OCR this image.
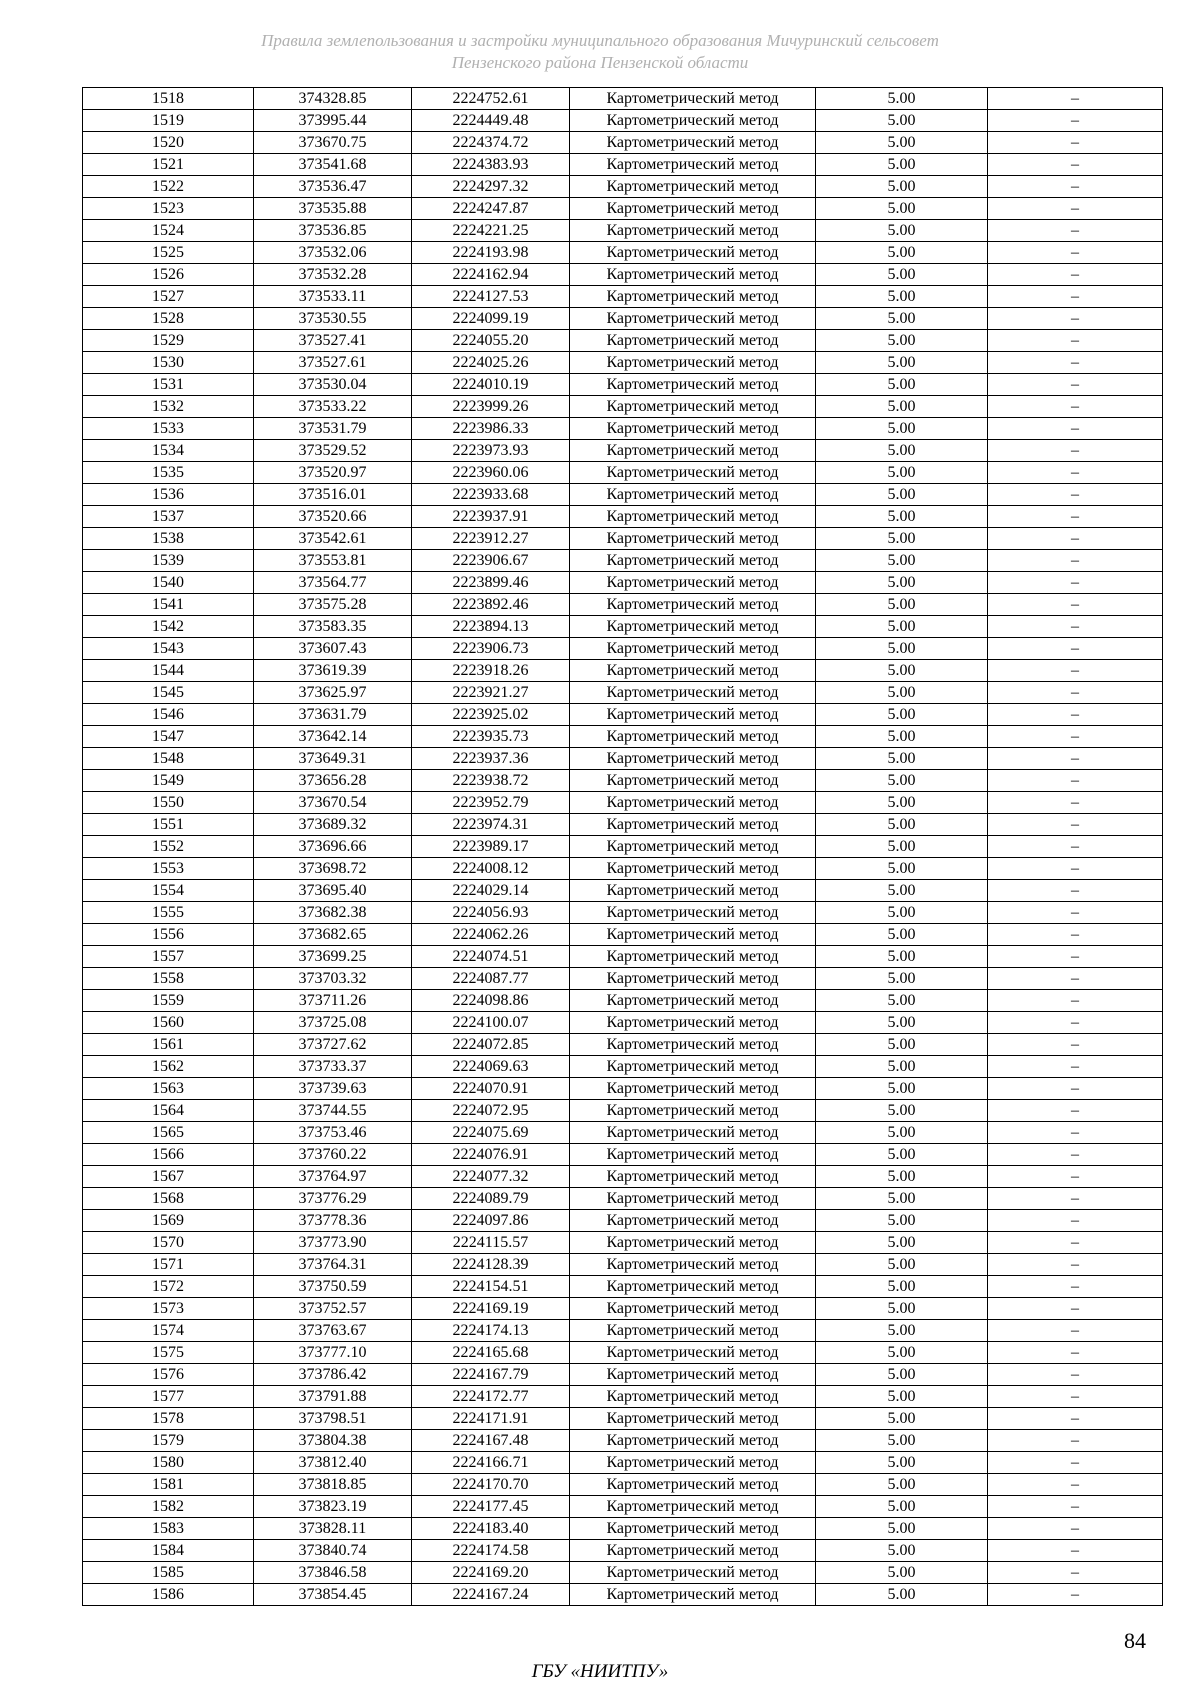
Правила землепользования и застройки муниципального образования Мичуринский сельсовет
Пензенского района Пензенской области
1518	374328.85	2224752.61	Картометрический метод	5.00	–
1519	373995.44	2224449.48	Картометрический метод	5.00	–
1520	373670.75	2224374.72	Картометрический метод	5.00	–
1521	373541.68	2224383.93	Картометрический метод	5.00	–
1522	373536.47	2224297.32	Картометрический метод	5.00	–
1523	373535.88	2224247.87	Картометрический метод	5.00	–
1524	373536.85	2224221.25	Картометрический метод	5.00	–
1525	373532.06	2224193.98	Картометрический метод	5.00	–
1526	373532.28	2224162.94	Картометрический метод	5.00	–
1527	373533.11	2224127.53	Картометрический метод	5.00	–
1528	373530.55	2224099.19	Картометрический метод	5.00	–
1529	373527.41	2224055.20	Картометрический метод	5.00	–
1530	373527.61	2224025.26	Картометрический метод	5.00	–
1531	373530.04	2224010.19	Картометрический метод	5.00	–
1532	373533.22	2223999.26	Картометрический метод	5.00	–
1533	373531.79	2223986.33	Картометрический метод	5.00	–
1534	373529.52	2223973.93	Картометрический метод	5.00	–
1535	373520.97	2223960.06	Картометрический метод	5.00	–
1536	373516.01	2223933.68	Картометрический метод	5.00	–
1537	373520.66	2223937.91	Картометрический метод	5.00	–
1538	373542.61	2223912.27	Картометрический метод	5.00	–
1539	373553.81	2223906.67	Картометрический метод	5.00	–
1540	373564.77	2223899.46	Картометрический метод	5.00	–
1541	373575.28	2223892.46	Картометрический метод	5.00	–
1542	373583.35	2223894.13	Картометрический метод	5.00	–
1543	373607.43	2223906.73	Картометрический метод	5.00	–
1544	373619.39	2223918.26	Картометрический метод	5.00	–
1545	373625.97	2223921.27	Картометрический метод	5.00	–
1546	373631.79	2223925.02	Картометрический метод	5.00	–
1547	373642.14	2223935.73	Картометрический метод	5.00	–
1548	373649.31	2223937.36	Картометрический метод	5.00	–
1549	373656.28	2223938.72	Картометрический метод	5.00	–
1550	373670.54	2223952.79	Картометрический метод	5.00	–
1551	373689.32	2223974.31	Картометрический метод	5.00	–
1552	373696.66	2223989.17	Картометрический метод	5.00	–
1553	373698.72	2224008.12	Картометрический метод	5.00	–
1554	373695.40	2224029.14	Картометрический метод	5.00	–
1555	373682.38	2224056.93	Картометрический метод	5.00	–
1556	373682.65	2224062.26	Картометрический метод	5.00	–
1557	373699.25	2224074.51	Картометрический метод	5.00	–
1558	373703.32	2224087.77	Картометрический метод	5.00	–
1559	373711.26	2224098.86	Картометрический метод	5.00	–
1560	373725.08	2224100.07	Картометрический метод	5.00	–
1561	373727.62	2224072.85	Картометрический метод	5.00	–
1562	373733.37	2224069.63	Картометрический метод	5.00	–
1563	373739.63	2224070.91	Картометрический метод	5.00	–
1564	373744.55	2224072.95	Картометрический метод	5.00	–
1565	373753.46	2224075.69	Картометрический метод	5.00	–
1566	373760.22	2224076.91	Картометрический метод	5.00	–
1567	373764.97	2224077.32	Картометрический метод	5.00	–
1568	373776.29	2224089.79	Картометрический метод	5.00	–
1569	373778.36	2224097.86	Картометрический метод	5.00	–
1570	373773.90	2224115.57	Картометрический метод	5.00	–
1571	373764.31	2224128.39	Картометрический метод	5.00	–
1572	373750.59	2224154.51	Картометрический метод	5.00	–
1573	373752.57	2224169.19	Картометрический метод	5.00	–
1574	373763.67	2224174.13	Картометрический метод	5.00	–
1575	373777.10	2224165.68	Картометрический метод	5.00	–
1576	373786.42	2224167.79	Картометрический метод	5.00	–
1577	373791.88	2224172.77	Картометрический метод	5.00	–
1578	373798.51	2224171.91	Картометрический метод	5.00	–
1579	373804.38	2224167.48	Картометрический метод	5.00	–
1580	373812.40	2224166.71	Картометрический метод	5.00	–
1581	373818.85	2224170.70	Картометрический метод	5.00	–
1582	373823.19	2224177.45	Картометрический метод	5.00	–
1583	373828.11	2224183.40	Картометрический метод	5.00	–
1584	373840.74	2224174.58	Картометрический метод	5.00	–
1585	373846.58	2224169.20	Картометрический метод	5.00	–
1586	373854.45	2224167.24	Картометрический метод	5.00	–
84
ГБУ «НИИТПУ»
